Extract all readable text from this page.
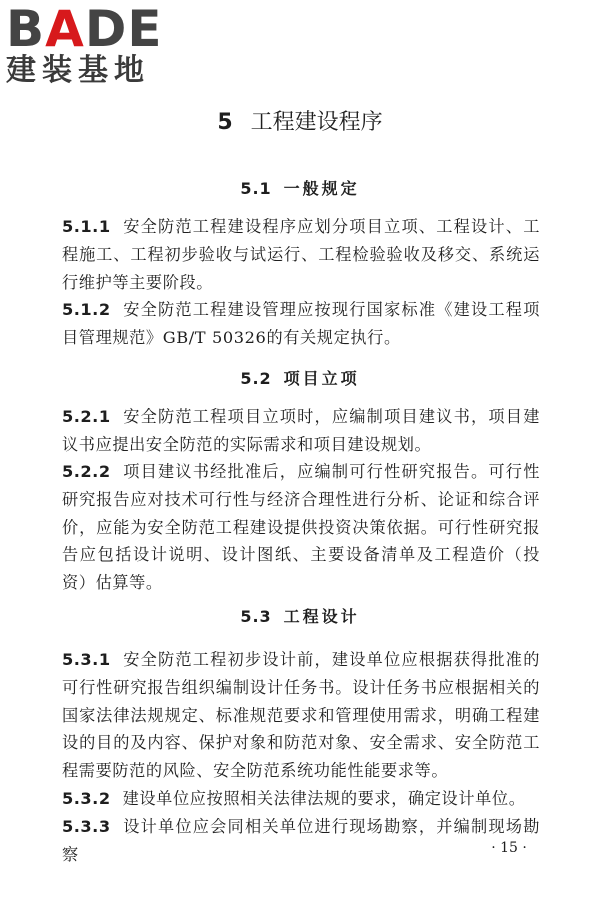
BADE
建装基地
5 工程建设程序
5.1 一般规定
5.1.1 安全防范工程建设程序应划分项目立项、工程设计、工程施工、工程初步验收与试运行、工程检验验收及移交、系统运行维护等主要阶段。
5.1.2 安全防范工程建设管理应按现行国家标准《建设工程项目管理规范》GB/T 50326的有关规定执行。
5.2 项目立项
5.2.1 安全防范工程项目立项时，应编制项目建议书，项目建议书应提出安全防范的实际需求和项目建设规划。
5.2.2 项目建议书经批准后，应编制可行性研究报告。可行性研究报告应对技术可行性与经济合理性进行分析、论证和综合评价，应能为安全防范工程建设提供投资决策依据。可行性研究报告应包括设计说明、设计图纸、主要设备清单及工程造价（投资）估算等。
5.3 工程设计
5.3.1 安全防范工程初步设计前，建设单位应根据获得批准的可行性研究报告组织编制设计任务书。设计任务书应根据相关的国家法律法规规定、标准规范要求和管理使用需求，明确工程建设的目的及内容、保护对象和防范对象、安全需求、安全防范工程需要防范的风险、安全防范系统功能性能要求等。
5.3.2 建设单位应按照相关法律法规的要求，确定设计单位。
5.3.3 设计单位应会同相关单位进行现场勘察，并编制现场勘察	· 15 ·
